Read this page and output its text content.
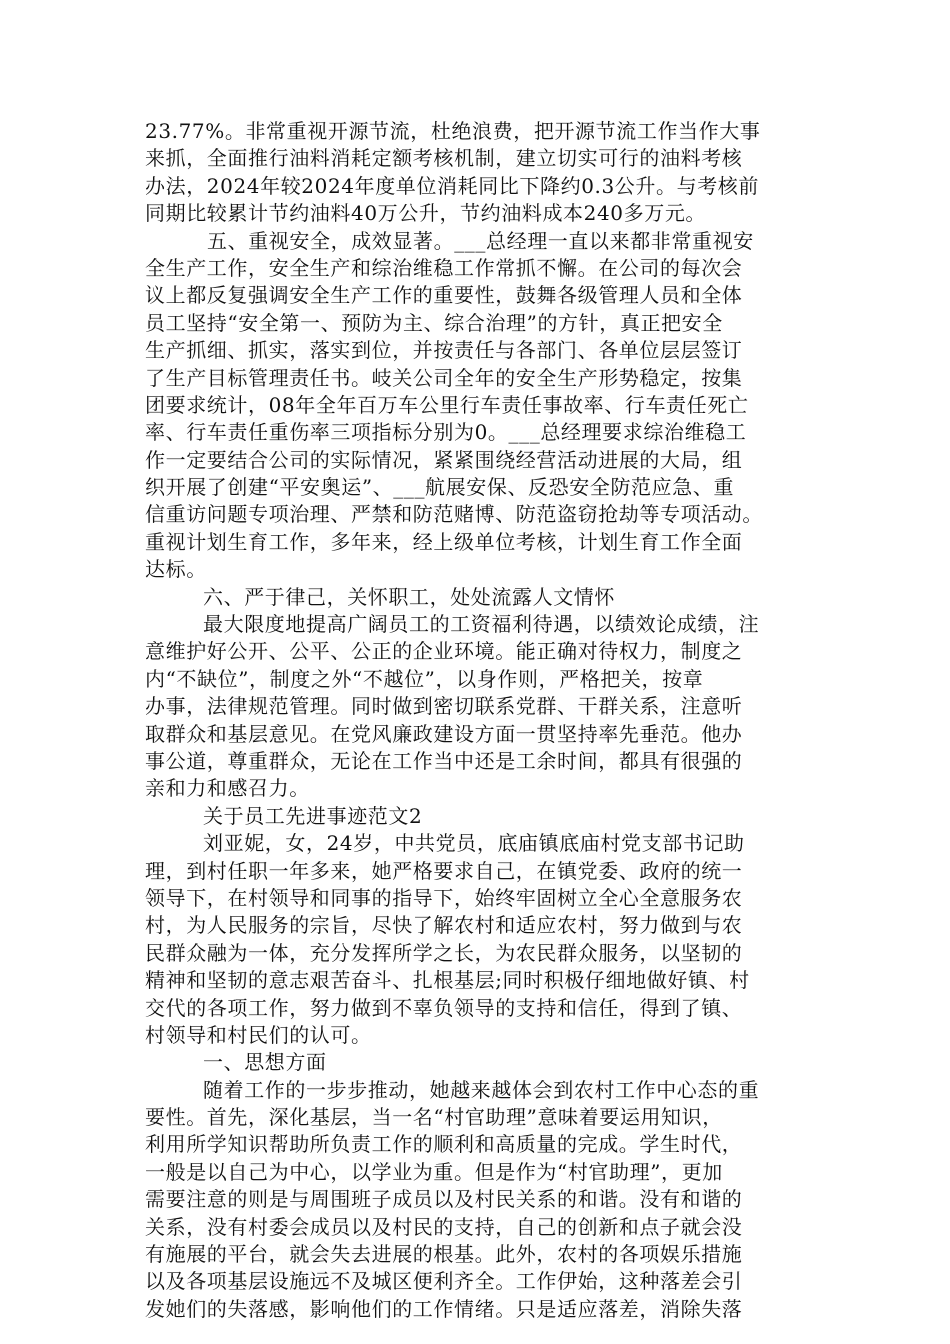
23.77%。非常重视开源节流，杜绝浪费，把开源节流工作当作大事
来抓，全面推行油料消耗定额考核机制，建立切实可行的油料考核
办法，2024年较2024年度单位消耗同比下降约0.3公升。与考核前
同期比较累计节约油料40万公升，节约油料成本240多万元。
五、重视安全，成效显著。___总经理一直以来都非常重视安
全生产工作，安全生产和综治维稳工作常抓不懈。在公司的每次会
议上都反复强调安全生产工作的重要性，鼓舞各级管理人员和全体
员工坚持“安全第一、预防为主、综合治理”的方针，真正把安全
生产抓细、抓实，落实到位，并按责任与各部门、各单位层层签订
了生产目标管理责任书。岐关公司全年的安全生产形势稳定，按集
团要求统计，08年全年百万车公里行车责任事故率、行车责任死亡
率、行车责任重伤率三项指标分别为0。___总经理要求综治维稳工
作一定要结合公司的实际情况，紧紧围绕经营活动进展的大局，组
织开展了创建“平安奥运”、___航展安保、反恐安全防范应急、重
信重访问题专项治理、严禁和防范赌博、防范盗窃抢劫等专项活动。
重视计划生育工作，多年来，经上级单位考核，计划生育工作全面
达标。
六、严于律己，关怀职工，处处流露人文情怀
最大限度地提高广阔员工的工资福利待遇，以绩效论成绩，注
意维护好公开、公平、公正的企业环境。能正确对待权力，制度之
内“不缺位”，制度之外“不越位”，以身作则，严格把关，按章
办事，法律规范管理。同时做到密切联系党群、干群关系，注意听
取群众和基层意见。在党风廉政建设方面一贯坚持率先垂范。他办
事公道，尊重群众，无论在工作当中还是工余时间，都具有很强的
亲和力和感召力。
关于员工先进事迹范文2
刘亚妮，女，24岁，中共党员，底庙镇底庙村党支部书记助
理，到村任职一年多来，她严格要求自己，在镇党委、政府的统一
领导下，在村领导和同事的指导下，始终牢固树立全心全意服务农
村，为人民服务的宗旨，尽快了解农村和适应农村，努力做到与农
民群众融为一体，充分发挥所学之长，为农民群众服务，以坚韧的
精神和坚韧的意志艰苦奋斗、扎根基层;同时积极仔细地做好镇、村
交代的各项工作，努力做到不辜负领导的支持和信任，得到了镇、
村领导和村民们的认可。
一、思想方面
随着工作的一步步推动，她越来越体会到农村工作中心态的重
要性。首先，深化基层，当一名“村官助理”意味着要运用知识，
利用所学知识帮助所负责工作的顺利和高质量的完成。学生时代，
一般是以自己为中心，以学业为重。但是作为“村官助理”，更加
需要注意的则是与周围班子成员以及村民关系的和谐。没有和谐的
关系，没有村委会成员以及村民的支持，自己的创新和点子就会没
有施展的平台，就会失去进展的根基。此外，农村的各项娱乐措施
以及各项基层设施远不及城区便利齐全。工作伊始，这种落差会引
发她们的失落感，影响他们的工作情绪。只是适应落差，消除失落
